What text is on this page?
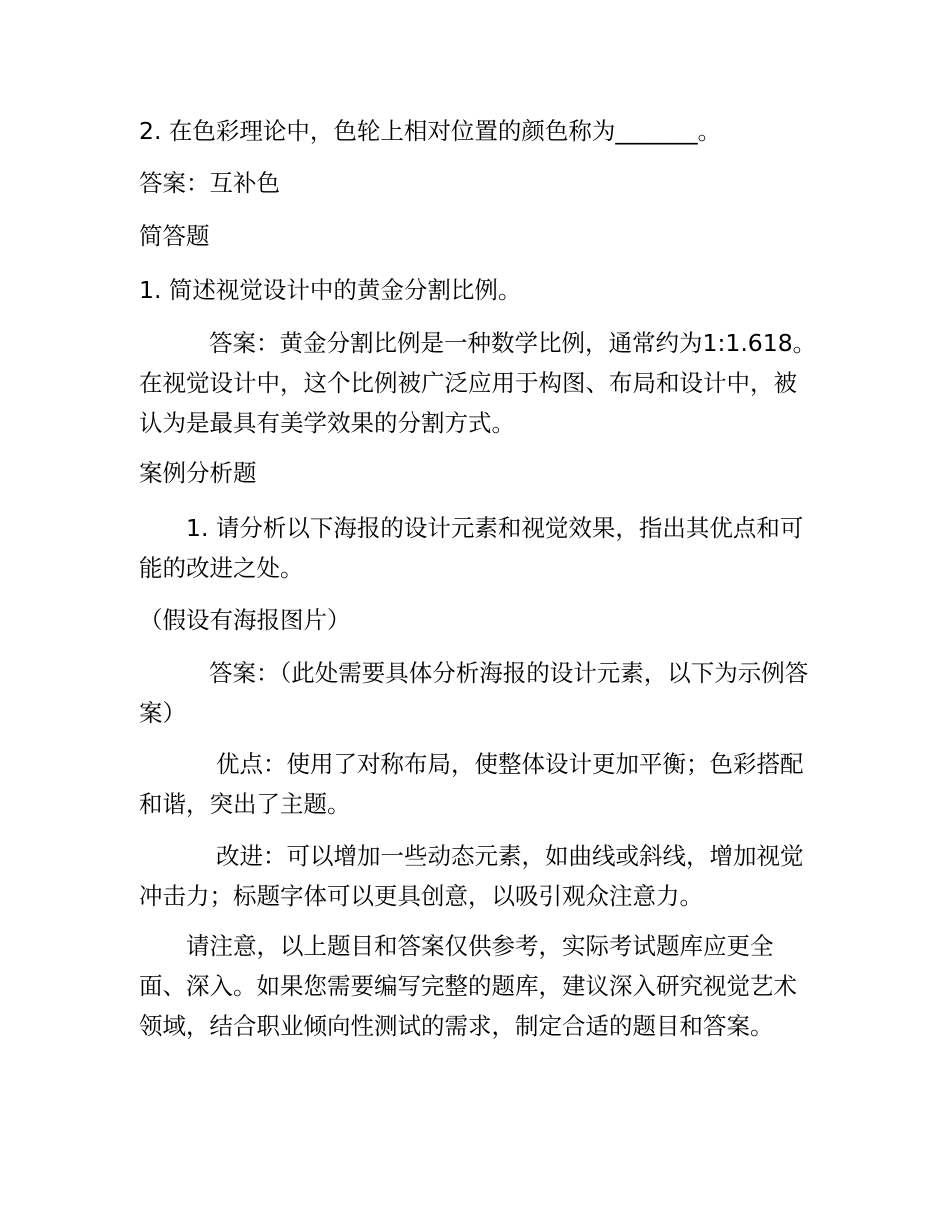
2. 在色彩理论中，色轮上相对位置的颜色称为_______。

答案：互补色

简答题

1. 简述视觉设计中的黄金分割比例。

答案：黄金分割比例是一种数学比例，通常约为1:1.618。在视觉设计中，这个比例被广泛应用于构图、布局和设计中，被认为是最具有美学效果的分割方式。

案例分析题

1. 请分析以下海报的设计元素和视觉效果，指出其优点和可能的改进之处。

（假设有海报图片）

答案：（此处需要具体分析海报的设计元素，以下为示例答案）

优点：使用了对称布局，使整体设计更加平衡；色彩搭配和谐，突出了主题。

改进：可以增加一些动态元素，如曲线或斜线，增加视觉冲击力；标题字体可以更具创意，以吸引观众注意力。

请注意，以上题目和答案仅供参考，实际考试题库应更全面、深入。如果您需要编写完整的题库，建议深入研究视觉艺术领域，结合职业倾向性测试的需求，制定合适的题目和答案。
